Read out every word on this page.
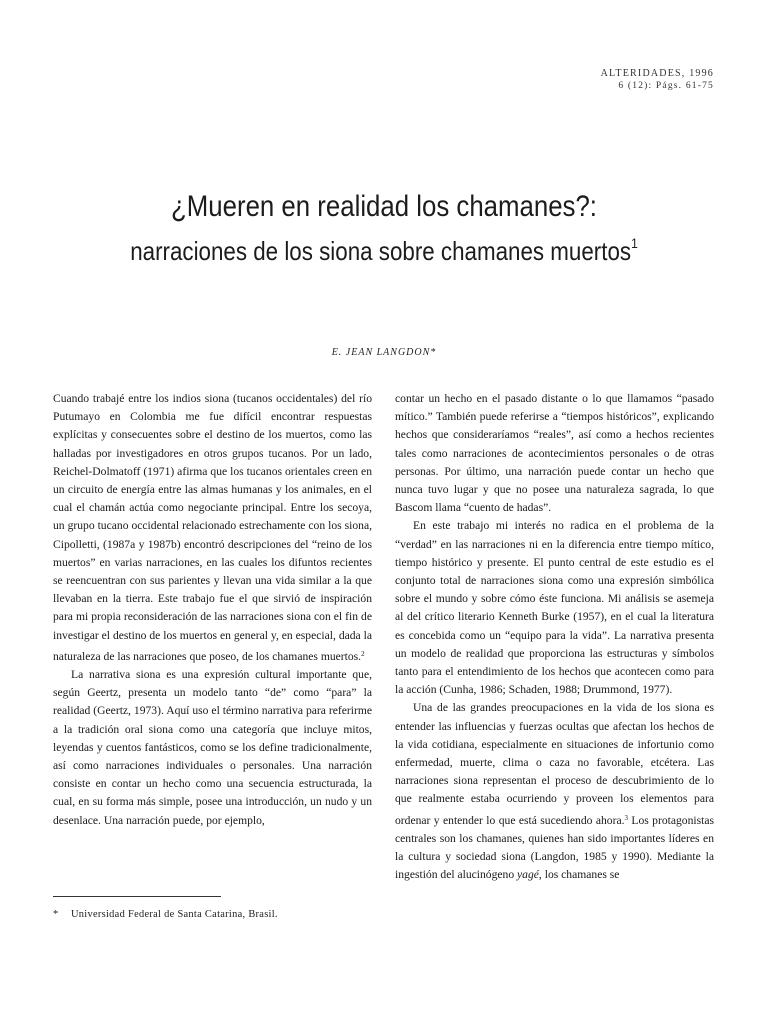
ALTERIDADES, 1996
6 (12): Págs. 61-75
¿Mueren en realidad los chamanes?:
narraciones de los siona sobre chamanes muertos$^1$
E. JEAN LANGDON*

Cuando trabajé entre los indios siona (tucanos occidentales) del río Putumayo en Colombia me fue difícil encontrar respuestas explícitas y consecuentes sobre el destino de los muertos, como las halladas por investigadores en otros grupos tucanos. Por un lado, Reichel-Dolmatoff (1971) afirma que los tucanos orientales creen en un circuito de energía entre las almas humanas y los animales, en el cual el chamán actúa como negociante principal. Entre los secoya, un grupo tucano occidental relacionado estrechamente con los siona, Cipolletti, (1987a y 1987b) encontró descripciones del “reino de los muertos” en varias narraciones, en las cuales los difuntos recientes se reencuentran con sus parientes y llevan una vida similar a la que llevaban en la tierra. Este trabajo fue el que sirvió de inspiración para mi propia reconsideración de las narraciones siona con el fin de investigar el destino de los muertos en general y, en especial, dada la naturaleza de las narraciones que poseo, de los chamanes muertos.$^2$

La narrativa siona es una expresión cultural importante que, según Geertz, presenta un modelo tanto “de” como “para” la realidad (Geertz, 1973). Aquí uso el término narrativa para referirme a la tradición oral siona como una categoría que incluye mitos, leyendas y cuentos fantásticos, como se los define tradicionalmente, así como narraciones individuales o personales. Una narración consiste en contar un hecho como una secuencia estructurada, la cual, en su forma más simple, posee una introducción, un nudo y un desenlace. Una narración puede, por ejemplo,

contar un hecho en el pasado distante o lo que llamamos “pasado mítico.” También puede referirse a “tiempos históricos”, explicando hechos que consideraríamos “reales”, así como a hechos recientes tales como narraciones de acontecimientos personales o de otras personas. Por último, una narración puede contar un hecho que nunca tuvo lugar y que no posee una naturaleza sagrada, lo que Bascom llama “cuento de hadas”.

En este trabajo mi interés no radica en el problema de la “verdad” en las narraciones ni en la diferencia entre tiempo mítico, tiempo histórico y presente. El punto central de este estudio es el conjunto total de narraciones siona como una expresión simbólica sobre el mundo y sobre cómo éste funciona. Mi análisis se asemeja al del crítico literario Kenneth Burke (1957), en el cual la literatura es concebida como un “equipo para la vida”. La narrativa presenta un modelo de realidad que proporciona las estructuras y símbolos tanto para el entendimiento de los hechos que acontecen como para la acción (Cunha, 1986; Schaden, 1988; Drummond, 1977).

Una de las grandes preocupaciones en la vida de los siona es entender las influencias y fuerzas ocultas que afectan los hechos de la vida cotidiana, especialmente en situaciones de infortunio como enfermedad, muerte, clima o caza no favorable, etcétera. Las narraciones siona representan el proceso de descubrimiento de lo que realmente estaba ocurriendo y proveen los elementos para ordenar y entender lo que está sucediendo ahora.$^3$ Los protagonistas centrales son los chamanes, quienes han sido importantes líderes en la cultura y sociedad siona (Langdon, 1985 y 1990). Mediante la ingestión del alucinógeno yagé, los chamanes se

* Universidad Federal de Santa Catarina, Brasil.
